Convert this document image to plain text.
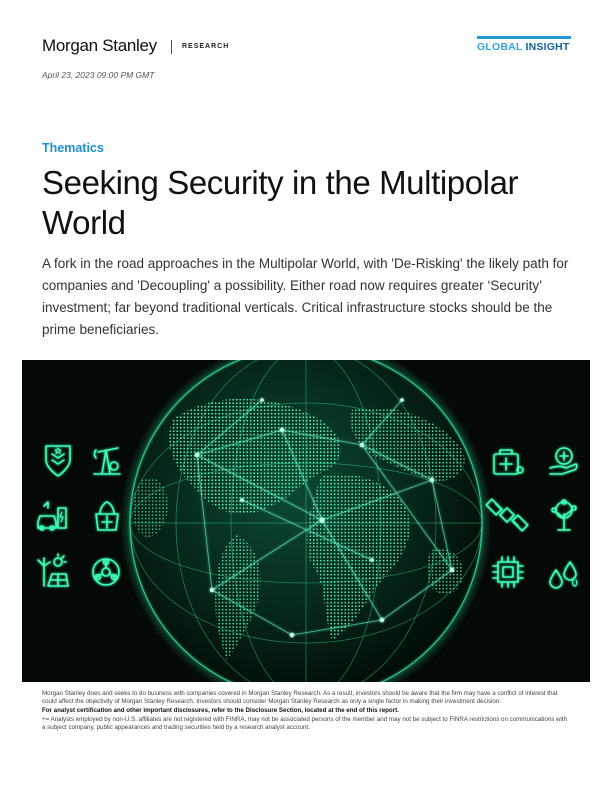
Morgan Stanley	RESEARCH	GLOBAL INSIGHT
April 23, 2023 09:00 PM GMT
Thematics
Seeking Security in the Multipolar World
A fork in the road approaches in the Multipolar World, with 'De-Risking' the likely path for companies and 'Decoupling' a possibility. Either road now requires greater ‘Security’ investment; far beyond traditional verticals. Critical infrastructure stocks should be the prime beneficiaries.

Morgan Stanley does and seeks to do business with companies covered in Morgan Stanley Research. As a result, investors should be aware that the firm may have a conflict of interest that could affect the objectivity of Morgan Stanley Research. Investors should consider Morgan Stanley Research as only a single factor in making their investment decision.

For analyst certification and other important disclosures, refer to the Disclosure Section, located at the end of this report.

+= Analysts employed by non-U.S. affiliates are not registered with FINRA, may not be associated persons of the member and may not be subject to FINRA restrictions on communications with a subject company, public appearances and trading securities held by a research analyst account.
